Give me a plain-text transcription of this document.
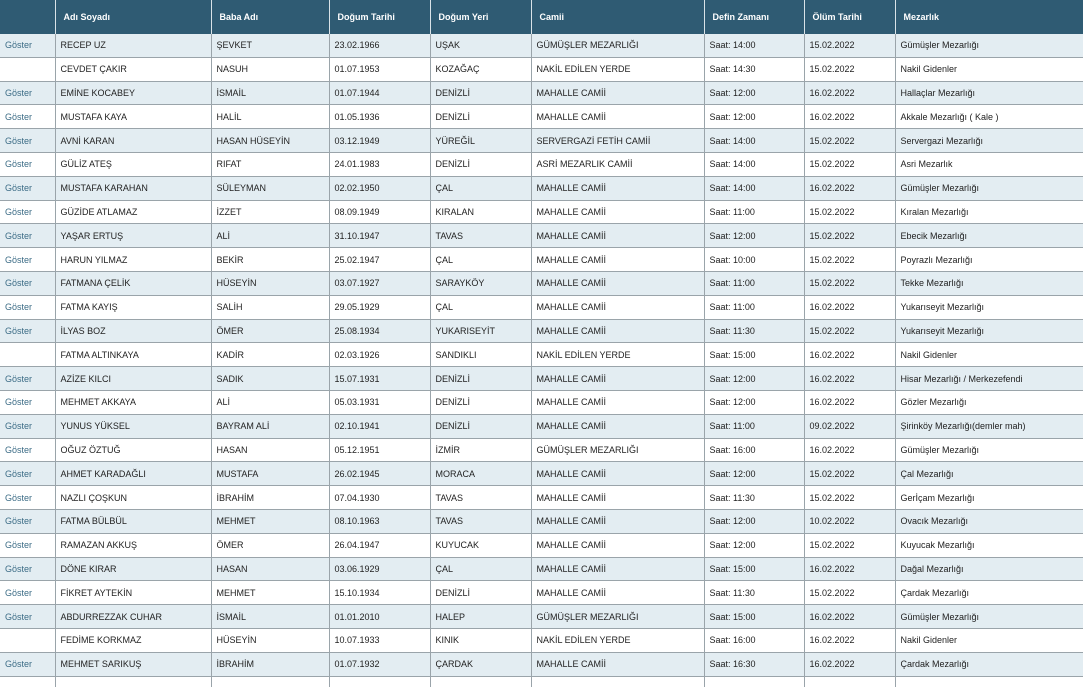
	Adı Soyadı	Baba Adı	Doğum Tarihi	Doğum Yeri	Camii	Defin Zamanı	Ölüm Tarihi	Mezarlık
Göster	RECEP UZ	ŞEVKET	23.02.1966	UŞAK	GÜMÜŞLER MEZARLIĞI	Saat: 14:00	15.02.2022	Gümüşler Mezarlığı
	CEVDET ÇAKIR	NASUH	01.07.1953	KOZAĞAÇ	NAKİL EDİLEN YERDE	Saat: 14:30	15.02.2022	Nakil Gidenler
Göster	EMİNE KOCABEY	İSMAİL	01.07.1944	DENİZLİ	MAHALLE CAMİİ	Saat: 12:00	16.02.2022	Hallaçlar Mezarlığı
Göster	MUSTAFA KAYA	HALİL	01.05.1936	DENİZLİ	MAHALLE CAMİİ	Saat: 12:00	16.02.2022	Akkale Mezarlığı ( Kale )
Göster	AVNİ KARAN	HASAN HÜSEYİN	03.12.1949	YÜREĞİL	SERVERGAZİ FETİH CAMİİ	Saat: 14:00	15.02.2022	Servergazi Mezarlığı
Göster	GÜLİZ ATEŞ	RIFAT	24.01.1983	DENİZLİ	ASRİ MEZARLIK CAMİİ	Saat: 14:00	15.02.2022	Asri Mezarlık
Göster	MUSTAFA KARAHAN	SÜLEYMAN	02.02.1950	ÇAL	MAHALLE CAMİİ	Saat: 14:00	16.02.2022	Gümüşler Mezarlığı
Göster	GÜZİDE ATLAMAZ	İZZET	08.09.1949	KIRALAN	MAHALLE CAMİİ	Saat: 11:00	15.02.2022	Kıralan Mezarlığı
Göster	YAŞAR ERTUŞ	ALİ	31.10.1947	TAVAS	MAHALLE CAMİİ	Saat: 12:00	15.02.2022	Ebecik Mezarlığı
Göster	HARUN YILMAZ	BEKİR	25.02.1947	ÇAL	MAHALLE CAMİİ	Saat: 10:00	15.02.2022	Poyrazlı Mezarlığı
Göster	FATMANA ÇELİK	HÜSEYİN	03.07.1927	SARAYKÖY	MAHALLE CAMİİ	Saat: 11:00	15.02.2022	Tekke Mezarlığı
Göster	FATMA KAYIŞ	SALİH	29.05.1929	ÇAL	MAHALLE CAMİİ	Saat: 11:00	16.02.2022	Yukarıseyit Mezarlığı
Göster	İLYAS BOZ	ÖMER	25.08.1934	YUKARISEYİT	MAHALLE CAMİİ	Saat: 11:30	15.02.2022	Yukarıseyit Mezarlığı
	FATMA ALTINKAYA	KADİR	02.03.1926	SANDIKLI	NAKİL EDİLEN YERDE	Saat: 15:00	16.02.2022	Nakil Gidenler
Göster	AZİZE KILCI	SADIK	15.07.1931	DENİZLİ	MAHALLE CAMİİ	Saat: 12:00	16.02.2022	Hisar Mezarlığı / Merkezefendi
Göster	MEHMET AKKAYA	ALİ	05.03.1931	DENİZLİ	MAHALLE CAMİİ	Saat: 12:00	16.02.2022	Gözler Mezarlığı
Göster	YUNUS YÜKSEL	BAYRAM ALİ	02.10.1941	DENİZLİ	MAHALLE CAMİİ	Saat: 11:00	09.02.2022	Şirinköy Mezarlığı(demler mah)
Göster	OĞUZ ÖZTUĞ	HASAN	05.12.1951	İZMİR	GÜMÜŞLER MEZARLIĞI	Saat: 16:00	16.02.2022	Gümüşler Mezarlığı
Göster	AHMET KARADAĞLI	MUSTAFA	26.02.1945	MORACA	MAHALLE CAMİİ	Saat: 12:00	15.02.2022	Çal Mezarlığı
Göster	NAZLI ÇOŞKUN	İBRAHİM	07.04.1930	TAVAS	MAHALLE CAMİİ	Saat: 11:30	15.02.2022	Gerİçam Mezarlığı
Göster	FATMA BÜLBÜL	MEHMET	08.10.1963	TAVAS	MAHALLE CAMİİ	Saat: 12:00	10.02.2022	Ovacık Mezarlığı
Göster	RAMAZAN AKKUŞ	ÖMER	26.04.1947	KUYUCAK	MAHALLE CAMİİ	Saat: 12:00	15.02.2022	Kuyucak Mezarlığı
Göster	DÖNE KIRAR	HASAN	03.06.1929	ÇAL	MAHALLE CAMİİ	Saat: 15:00	16.02.2022	Dağal Mezarlığı
Göster	FİKRET AYTEKİN	MEHMET	15.10.1934	DENİZLİ	MAHALLE CAMİİ	Saat: 11:30	15.02.2022	Çardak Mezarlığı
Göster	ABDURREZZAK CUHAR	İSMAİL	01.01.2010	HALEP	GÜMÜŞLER MEZARLIĞI	Saat: 15:00	16.02.2022	Gümüşler Mezarlığı
	FEDİME KORKMAZ	HÜSEYİN	10.07.1933	KINIK	NAKİL EDİLEN YERDE	Saat: 16:00	16.02.2022	Nakil Gidenler
Göster	MEHMET SARIKUŞ	İBRAHİM	01.07.1932	ÇARDAK	MAHALLE CAMİİ	Saat: 16:30	16.02.2022	Çardak Mezarlığı
